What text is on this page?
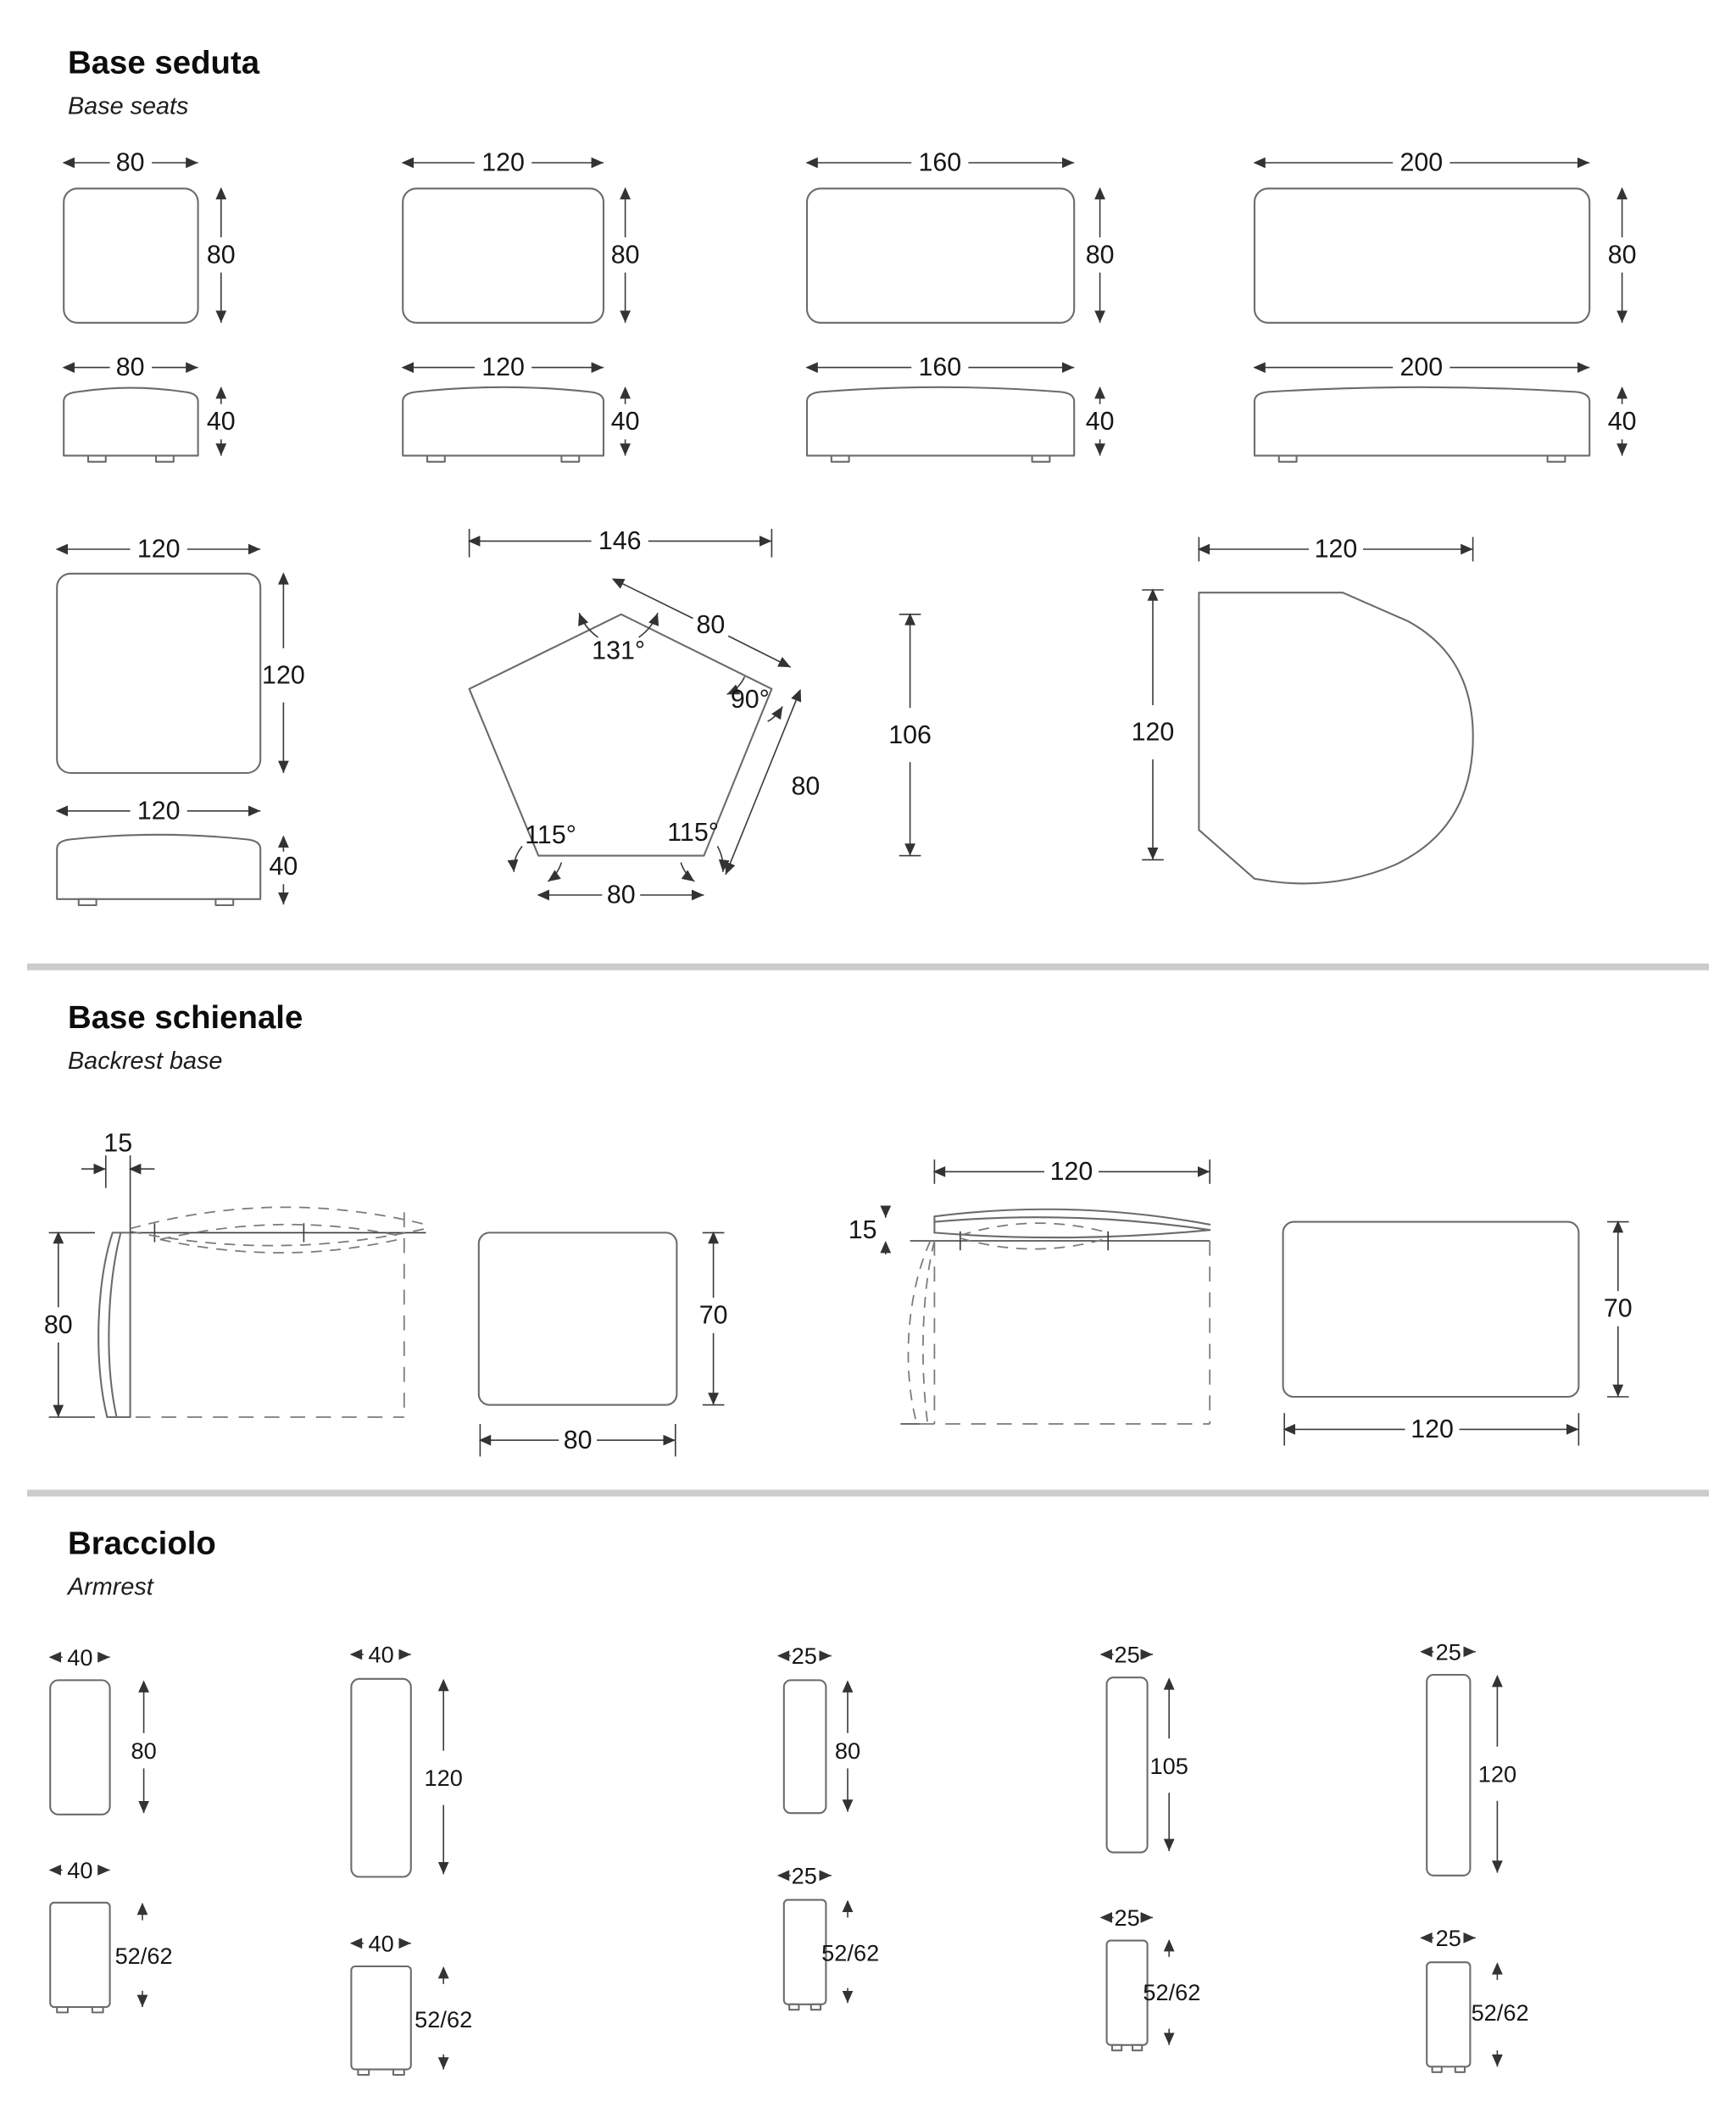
Base seduta
Base seats
80
80
120
80
160
80
200
80
80
40
120
40
160
40
200
40
120
120
120
40
146
80
131°
90°
106
80
115°	115°
80
120
120
Base schienale
Backrest base
15
80	70
80
120
15
70
120
Bracciolo
Armrest
40
80
40
120
25
80
25
105
25
120
40
52/62	40
52/62
25
52/62
25
52/62
25
52/62
